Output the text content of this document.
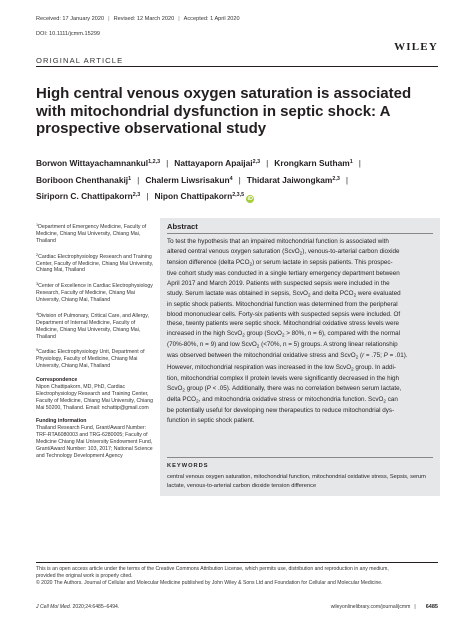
Received: 17 January 2020 | Revised: 12 March 2020 | Accepted: 1 April 2020
DOI: 10.1111/jcmm.15299
WILEY
ORIGINAL ARTICLE
High central venous oxygen saturation is associated with mitochondrial dysfunction in septic shock: A prospective observational study
Borwon Wittayachamnankul$^{1,2,3}$ | Nattayaporn Apaijai$^{2,3}$ | Krongkarn Sutham$^1$ |
Boriboon Chenthanakij$^1$ | Chalerm Liwsrisakun$^4$ | Thidarat Jaiwongkam$^{2,3}$ |
Siriporn C. Chattipakorn$^{2,3}$ | Nipon Chattipakorn$^{2,3,5}$iD
$^1$Department of Emergency Medicine, Faculty of Medicine, Chiang Mai University, Chiang Mai, Thailand
$^2$Cardiac Electrophysiology Research and Training Center, Faculty of Medicine, Chiang Mai University, Chiang Mai, Thailand
$^3$Center of Excellence in Cardiac Electrophysiology Research, Faculty of Medicine, Chiang Mai University, Chiang Mai, Thailand
$^4$Division of Pulmonary, Critical Care, and Allergy, Department of Internal Medicine, Faculty of Medicine, Chiang Mai University, Chiang Mai, Thailand
$^5$Cardiac Electrophysiology Unit, Department of Physiology, Faculty of Medicine, Chiang Mai University, Chiang Mai, Thailand
Correspondence
Nipon Chattipakorn, MD, PhD, Cardiac Electrophysiology Research and Training Center, Faculty of Medicine, Chiang Mai University, Chiang Mai 50200, Thailand. Email: nchattip@gmail.com
Funding information
Thailand Research Fund, Grant/Award Number: TRF-RTA6080003 and TRG-6280005; Faculty of Medicine Chiang Mai University Endowment Fund, Grant/Award Number: 103, 2017; National Science and Technology Development Agency
Abstract
To test the hypothesis that an impaired mitochondrial function is associated with
altered central venous oxygen saturation (ScvO$_2$), venous-to-arterial carbon dioxide
tension difference (delta $PCO_2$) or serum lactate in sepsis patients. This prospec-
tive cohort study was conducted in a single tertiary emergency department between
April 2017 and March 2019. Patients with suspected sepsis were included in the
study. Serum lactate was obtained in sepsis, ScvO$_2$ and delta $PCO_2$ were evaluated
in septic shock patients. Mitochondrial function was determined from the peripheral
blood mononuclear cells. Forty-six patients with suspected sepsis were included. Of
these, twenty patients were septic shock. Mitochondrial oxidative stress levels were
increased in the high ScvO$_2$ group (ScvO$_2$ > 80%, n = 6), compared with the normal
(70%-80%, n = 9) and low ScvO$_2$ (<70%, n = 5) groups. A strong linear relationship
was observed between the mitochondrial oxidative stress and ScvO$_2$ (r = .75; P = .01).
However, mitochondrial respiration was increased in the low ScvO$_2$ group. In addi-
tion, mitochondrial complex II protein levels were significantly decreased in the high
ScvO$_2$ group (P < .05). Additionally, there was no correlation between serum lactate,
delta $PCO_2$, and mitochondria oxidative stress or mitochondria function. ScvO$_2$ can
be potentially useful for developing new therapeutics to reduce mitochondrial dys-
function in septic shock patient.
KEYWORDS
central venous oxygen saturation, mitochondrial function, mitochondrial oxidative stress, Sepsis, serum lactate, venous-to-arterial carbon dioxide tension difference
This is an open access article under the terms of the Creative Commons Attribution License, which permits use, distribution and reproduction in any medium,
provided the original work is properly cited.
© 2020 The Authors. Journal of Cellular and Molecular Medicine published by John Wiley & Sons Ltd and Foundation for Cellular and Molecular Medicine.
J Cell Mol Med. 2020;24:6485–6494.	wileyonlinelibrary.com/journal/jcmm | 6485
